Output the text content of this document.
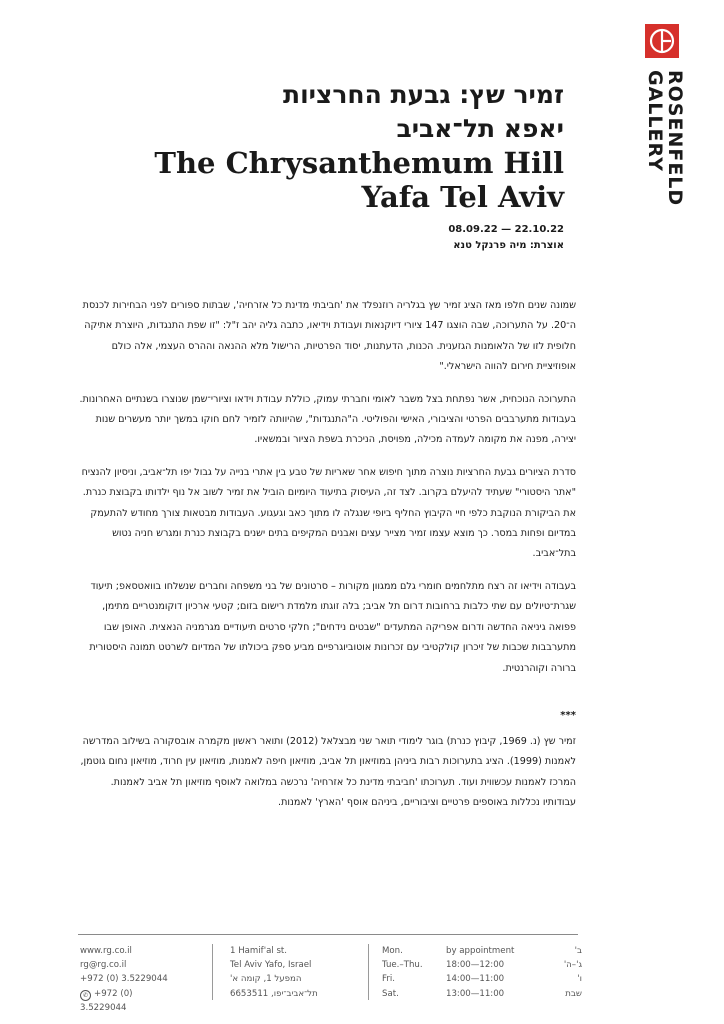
ROSENFELD
GALLERY
זמיר שץ: גבעת החרציות
יאפא תל־אביב
The Chrysanthemum Hill
Yafa Tel Aviv
22.10.22 — 08.09.22
אוצרת: מיה פרנקל טנא

שמונה שנים חלפו מאז הציג זמיר שץ בגלריה רוזנפלד את 'חביבתי מדינת כל אזרחיה', שבתות ספורים לפני הבחירות לכנסת ה־20. על התערוכה, שבה הוצגו 147 ציורי דיוקנאות ועבודת וידיאו, כתבה גליה יהב ז"ל: "זו שפת התנגדות, היוצרת אתיקה חלופית לזו של הלאומנות הגזענית. הכנות, הדעתנות, יסוד הפרטיות, הרישול מלא ההנאה וההרס העצמי, אלה כולם אופוזיציית חירום להווה הישראלי."

התערוכה הנוכחית, אשר נפתחת בצל משבר לאומי וחברתי עמוק, כוללת עבודת וידאו וציורי־שמן שנוצרו בשנתיים האחרונות. בעבודות מתערבבים הפרטי והציבורי, האישי והפוליטי. ה"התנגדות", שהיוותה לזמיר לחם חוקו במשך יותר מעשרים שנות יצירה, מפנה את מקומה לעמדה מכילה, מפויסת, הניכרת בשפת הציור ובמשאיו.

סדרת הציורים גבעת החרציות נוצרה מתוך חיפוש אחר שאריות של טבע בין אתרי בנייה על גבול יפו תל־אביב, וניסיון להנציח "אתר היסטורי" שעתיד להיעלם בקרוב. לצד זה, העיסוק בתיעוד היומיום הוביל את זמיר לשוב אל נוף ילדותו בקבוצת כנרת. את הביקורת הנוקבת כלפי חיי הקיבוץ החליף ביופי שנגלה לו מתוך כאב וגעגוע. העבודות מבטאות צורך מחודש להתעמק במדיום ופחות במסר. כך מוצא עצמו זמיר מצייר עצים ואבנים המקיפים בתים ישנים בקבוצת כנרת ומגרש חניה נטוש בתל־אביב.

בעבודה וידיאו זה רצח מתלחמים חומרי גלם ממגוון מקורות – סרטונים של בני משפחה וחברים שנשלחו בוואטסאפ; תיעוד שגרת־טיולים עם שתי כלבות ברחובות דרום תל אביב; בלה זוגתו מלמדת רישום בזום; קטעי ארכיון דוקומנטריים מתימן, פפואה גיניאה החדשה ודרום אפריקה המתעדים "שבטים נידחים"; חלקי סרטים תיעודיים מגרמניה הנאצית. האופן שבו מתערבבות שכבות של זיכרון קולקטיבי עם זכרונות אוטוביוגרפיים מביע ספק ביכולתו של המדיום לשרטט תמונה היסטורית ברורה וקוהרנטית.

***
זמיר שץ (נ. 1969, קיבוץ כנרת) בוגר לימודי תואר שני מבצלאל (2012) ותואר ראשון מקמרה אובסקורה בשילוב המדרשה לאמנות (1999). הציג בתערוכות רבות ביניהן במוזיאון תל אביב, מוזיאון חיפה לאמנות, מוזיאון עין חרוד, מוזיאון נחום גוטמן, המרכז לאמנות עכשווית ועוד. תערוכתו 'חביבתי מדינת כל אזרחיה' נרכשה במלואה לאוסף מוזיאון תל אביב לאמנות. עבודותיו נכללות באוספים פרטיים וציבוריים, ביניהם אוסף 'הארץ' לאמנות.
www.rg.co.il
rg@rg.co.il
+972 (0) 3.5229044
✆ +972 (0) 3.5229044
1 Hamif'al st.
Tel Aviv Yafo, Israel
המפעל 1, קומה א'
תל־אביב־יפו, 6653511
Mon.	by appointment	ב'
Tue.–Thu.	18:00—12:00	ג'–ה'
Fri.	14:00—11:00	ו'
Sat.	13:00—11:00	שבת
